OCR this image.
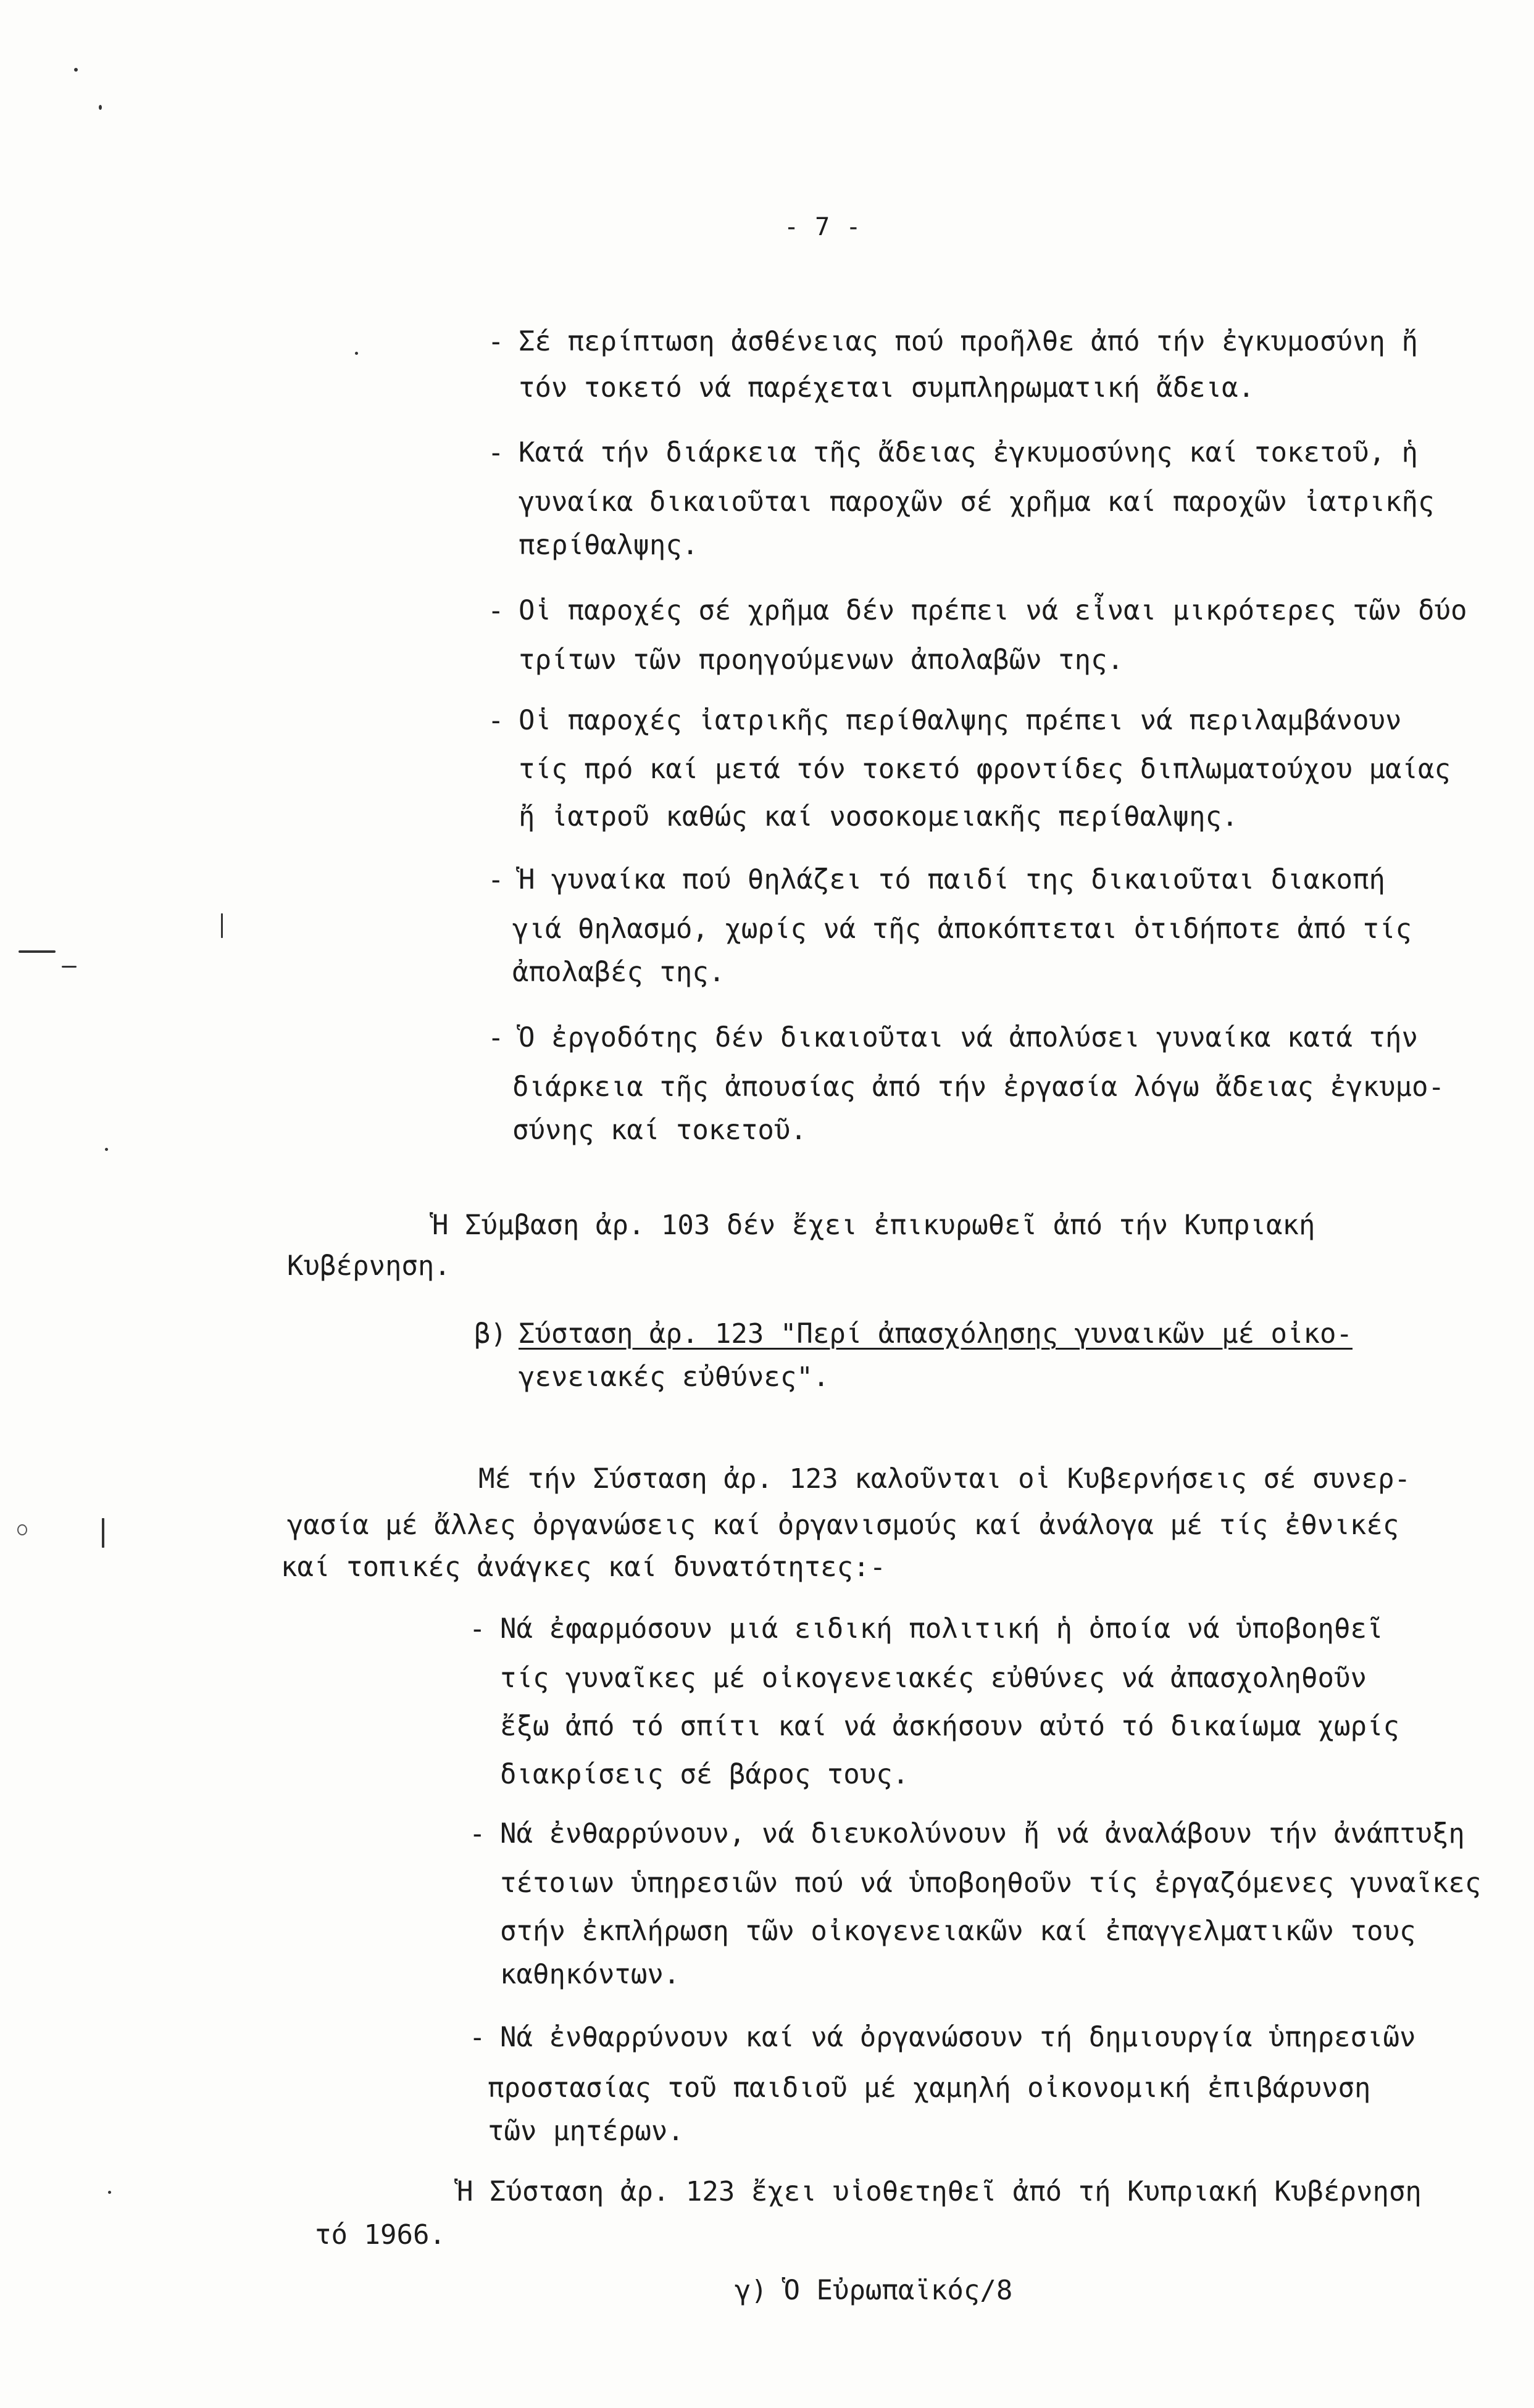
- 7 -
- Σέ περίπτωση ἀσθένειας πού προῆλθε ἀπό τήν ἐγκυμοσύνη ἤ
τόν τοκετό νά παρέχεται συμπληρωματική ἄδεια.
- Κατά τήν διάρκεια τῆς ἄδειας ἐγκυμοσύνης καί τοκετοῦ, ἡ
γυναίκα δικαιοῦται παροχῶν σέ χρῆμα καί παροχῶν ἰατρικῆς
περίθαλψης.
- Οἱ παροχές σέ χρῆμα δέν πρέπει νά εἶναι μικρότερες τῶν δύο
τρίτων τῶν προηγούμενων ἀπολαβῶν της.
- Οἱ παροχές ἰατρικῆς περίθαλψης πρέπει νά περιλαμβάνουν
τίς πρό καί μετά τόν τοκετό φροντίδες διπλωματούχου μαίας
ἤ ἰατροῦ καθώς καί νοσοκομειακῆς περίθαλψης.
- Ἡ γυναίκα πού θηλάζει τό παιδί της δικαιοῦται διακοπή
γιά θηλασμό, χωρίς νά τῆς ἀποκόπτεται ὁτιδήποτε ἀπό τίς
ἀπολαβές της.
- Ὁ ἐργοδότης δέν δικαιοῦται νά ἀπολύσει γυναίκα κατά τήν
διάρκεια τῆς ἀπουσίας ἀπό τήν ἐργασία λόγω ἄδειας ἐγκυμο-
σύνης καί τοκετοῦ.
Ἡ Σύμβαση ἀρ. 103 δέν ἔχει ἐπικυρωθεῖ ἀπό τήν Κυπριακή
Κυβέρνηση.
β) Σύσταση ἀρ. 123 "Περί ἀπασχόλησης γυναικῶν μέ οἰκο-
γενειακές εὐθύνες".
Μέ τήν Σύσταση ἀρ. 123 καλοῦνται οἱ Κυβερνήσεις σέ συνερ-
γασία μέ ἄλλες ὀργανώσεις καί ὀργανισμούς καί ἀνάλογα μέ τίς ἐθνικές
καί τοπικές ἀνάγκες καί δυνατότητες:-
- Νά ἐφαρμόσουν μιά ειδική πολιτική ἡ ὁποία νά ὑποβοηθεῖ
τίς γυναῖκες μέ οἰκογενειακές εὐθύνες νά ἀπασχοληθοῦν
ἔξω ἀπό τό σπίτι καί νά ἀσκήσουν αὐτό τό δικαίωμα χωρίς
διακρίσεις σέ βάρος τους.
- Νά ἐνθαρρύνουν, νά διευκολύνουν ἤ νά ἀναλάβουν τήν ἀνάπτυξη
τέτοιων ὑπηρεσιῶν πού νά ὑποβοηθοῦν τίς ἐργαζόμενες γυναῖκες
στήν ἐκπλήρωση τῶν οἰκογενειακῶν καί ἐπαγγελματικῶν τους
καθηκόντων.
- Νά ἐνθαρρύνουν καί νά ὀργανώσουν τή δημιουργία ὑπηρεσιῶν
προστασίας τοῦ παιδιοῦ μέ χαμηλή οἰκονομική ἐπιβάρυνση
τῶν μητέρων.
Ἡ Σύσταση ἀρ. 123 ἔχει υἱοθετηθεῖ ἀπό τή Κυπριακή Κυβέρνηση
τό 1966.
γ) Ὁ Εὐρωπαϊκός/8
